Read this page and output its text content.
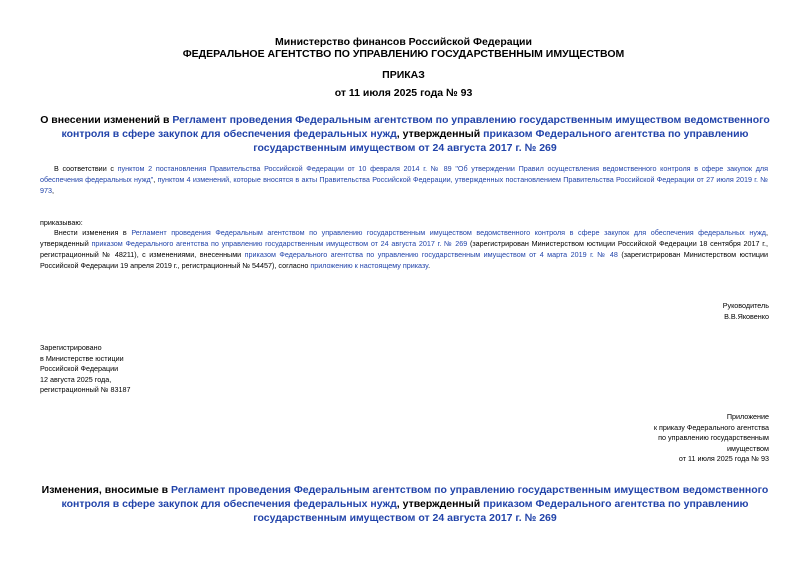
Министерство финансов Российской Федерации
ФЕДЕРАЛЬНОЕ АГЕНТСТВО ПО УПРАВЛЕНИЮ ГОСУДАРСТВЕННЫМ ИМУЩЕСТВОМ
ПРИКАЗ
от 11 июля 2025 года № 93
О внесении изменений в Регламент проведения Федеральным агентством по управлению государственным имуществом ведомственного контроля в сфере закупок для обеспечения федеральных нужд, утвержденный приказом Федерального агентства по управлению государственным имуществом от 24 августа 2017 г. № 269
В соответствии с пунктом 2 постановления Правительства Российской Федерации от 10 февраля 2014 г. № 89 "Об утверждении Правил осуществления ведомственного контроля в сфере закупок для обеспечения федеральных нужд", пунктом 4 изменений, которые вносятся в акты Правительства Российской Федерации, утвержденных постановлением Правительства Российской Федерации от 27 июля 2019 г. № 973,
приказываю:
Внести изменения в Регламент проведения Федеральным агентством по управлению государственным имуществом ведомственного контроля в сфере закупок для обеспечения федеральных нужд, утвержденный приказом Федерального агентства по управлению государственным имуществом от 24 августа 2017 г. № 269 (зарегистрирован Министерством юстиции Российской Федерации 18 сентября 2017 г., регистрационный № 48211), с изменениями, внесенными приказом Федерального агентства по управлению государственным имуществом от 4 марта 2019 г. № 48 (зарегистрирован Министерством юстиции Российской Федерации 19 апреля 2019 г., регистрационный № 54457), согласно приложению к настоящему приказу.
Руководитель
В.В.Яковенко
Зарегистрировано
в Министерстве юстиции
Российской Федерации
12 августа 2025 года,
регистрационный № 83187
Приложение
к приказу Федерального агентства
по управлению государственным
имуществом
от 11 июля 2025 года № 93
Изменения, вносимые в Регламент проведения Федеральным агентством по управлению государственным имуществом ведомственного контроля в сфере закупок для обеспечения федеральных нужд, утвержденный приказом Федерального агентства по управлению государственным имуществом от 24 августа 2017 г. № 269
